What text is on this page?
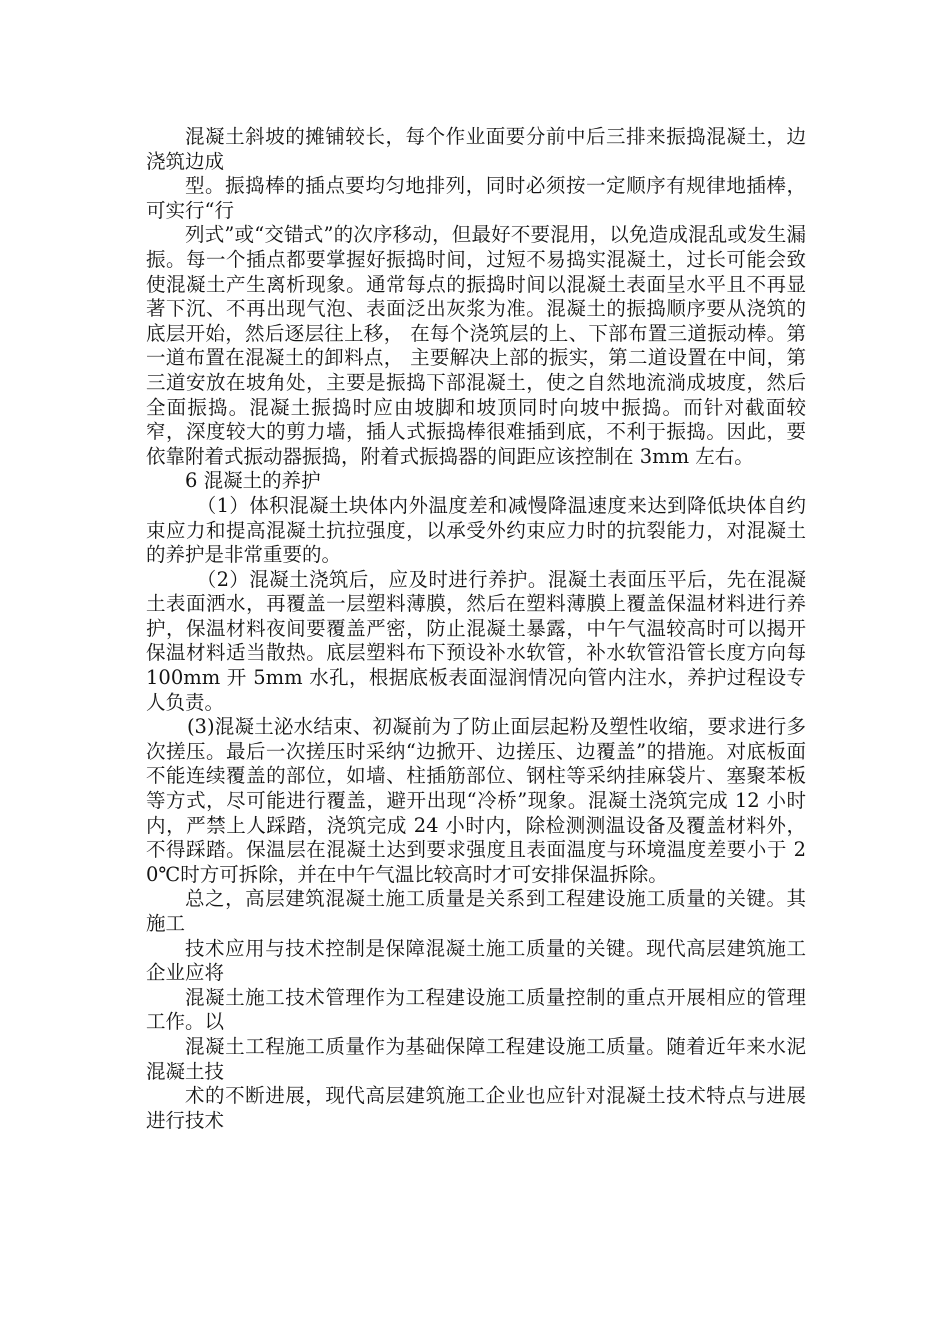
混凝土斜坡的摊铺较长，每个作业面要分前中后三排来振捣混凝土，边浇筑边成

型。振捣棒的插点要均匀地排列，同时必须按一定顺序有规律地插棒，可实行“行

列式”或“交错式”的次序移动，但最好不要混用，以免造成混乱或发生漏振。每一个插点都要掌握好振捣时间，过短不易捣实混凝土，过长可能会致使混凝土产生离析现象。通常每点的振捣时间以混凝土表面呈水平且不再显著下沉、不再出现气泡、表面泛出灰浆为准。混凝土的振捣顺序要从浇筑的底层开始，然后逐层往上移， 在每个浇筑层的上、下部布置三道振动棒。第一道布置在混凝土的卸料点， 主要解决上部的振实，第二道设置在中间，第三道安放在坡角处，主要是振捣下部混凝土，使之自然地流淌成坡度，然后全面振捣。混凝土振捣时应由坡脚和坡顶同时向坡中振捣。而针对截面较窄，深度较大的剪力墙，插人式振捣棒很难插到底，不利于振捣。因此，要依靠附着式振动器振捣，附着式振捣器的间距应该控制在 3mm 左右。

6 混凝土的养护

（1）体积混凝土块体内外温度差和减慢降温速度来达到降低块体自约束应力和提高混凝土抗拉强度，以承受外约束应力时的抗裂能力，对混凝土的养护是非常重要的。

（2）混凝土浇筑后，应及时进行养护。混凝土表面压平后，先在混凝土表面洒水，再覆盖一层塑料薄膜，然后在塑料薄膜上覆盖保温材料进行养护，保温材料夜间要覆盖严密，防止混凝土暴露，中午气温较高时可以揭开保温材料适当散热。底层塑料布下预设补水软管，补水软管沿管长度方向每 100mm 开 5mm 水孔，根据底板表面湿润情况向管内注水，养护过程设专人负责。

(3)混凝土泌水结束、初凝前为了防止面层起粉及塑性收缩，要求进行多次搓压。最后一次搓压时采纳“边掀开、边搓压、边覆盖”的措施。对底板面不能连续覆盖的部位，如墙、柱插筋部位、钢柱等采纳挂麻袋片、塞聚苯板等方式，尽可能进行覆盖，避开出现“冷桥”现象。混凝土浇筑完成 12 小时内，严禁上人踩踏，浇筑完成 24 小时内，除检测测温设备及覆盖材料外，不得踩踏。保温层在混凝土达到要求强度且表面温度与环境温度差要小于 20℃时方可拆除，并在中午气温比较高时才可安排保温拆除。

总之，高层建筑混凝土施工质量是关系到工程建设施工质量的关键。其施工

技术应用与技术控制是保障混凝土施工质量的关键。现代高层建筑施工企业应将

混凝土施工技术管理作为工程建设施工质量控制的重点开展相应的管理工作。以

混凝土工程施工质量作为基础保障工程建设施工质量。随着近年来水泥混凝土技

术的不断进展，现代高层建筑施工企业也应针对混凝土技术特点与进展进行技术
